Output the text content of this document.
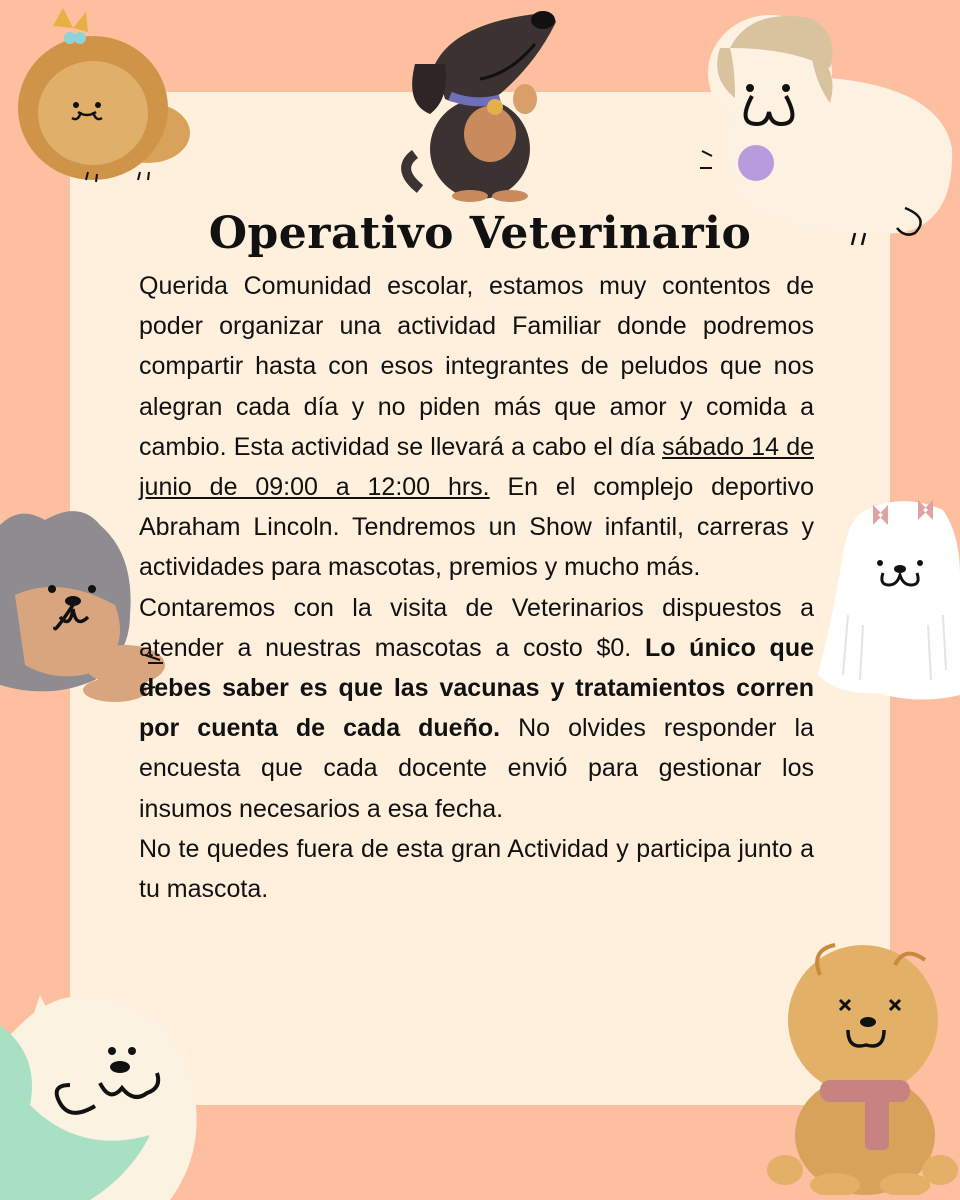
Operativo Veterinario

Querida Comunidad escolar, estamos muy contentos de poder organizar una actividad Familiar donde podremos compartir hasta con esos integrantes de peludos que nos alegran cada día y no piden más que amor y comida a cambio. Esta actividad se llevará a cabo el día sábado 14 de junio de 09:00 a 12:00 hrs. En el complejo deportivo Abraham Lincoln. Tendremos un Show infantil, carreras y actividades para mascotas, premios y mucho más.

Contaremos con la visita de Veterinarios dispuestos a atender a nuestras mascotas a costo $0. Lo único que debes saber es que las vacunas y tratamientos corren por cuenta de cada dueño. No olvides responder la encuesta que cada docente envió para gestionar los insumos necesarios a esa fecha.

No te quedes fuera de esta gran Actividad y participa junto a tu mascota.
